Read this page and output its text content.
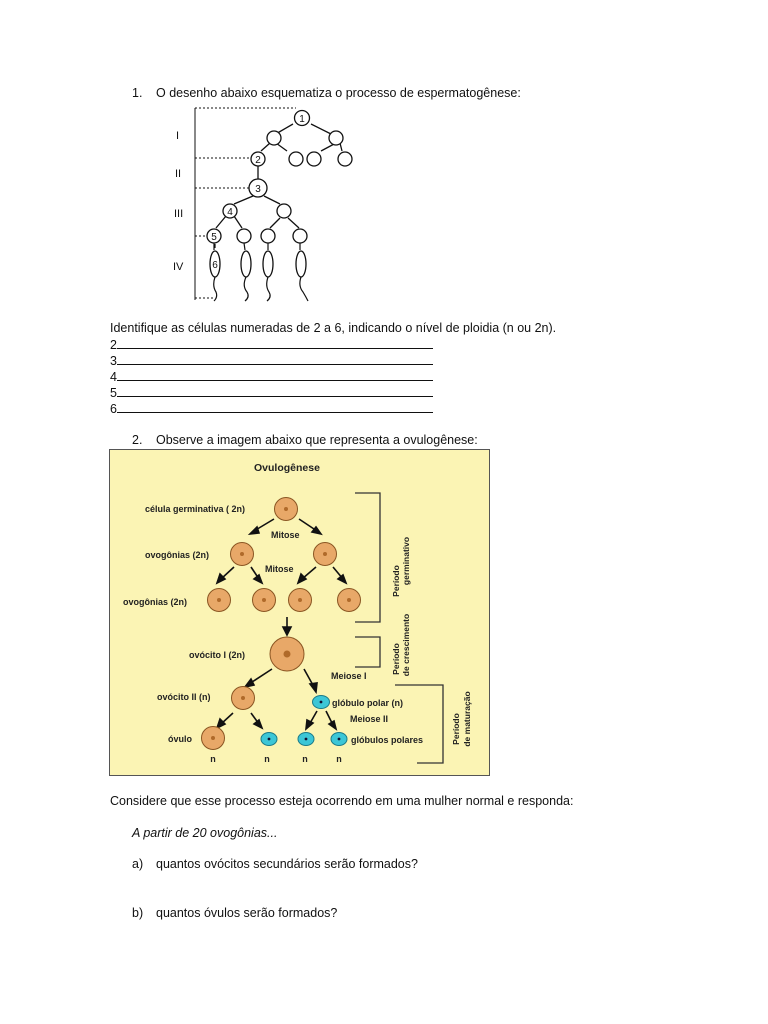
1. O desenho abaixo esquematiza o processo de espermatogênese:
I
II
III
IV
1
2
3
4
5
6
Identifique as células numeradas de 2 a 6, indicando o nível de ploidia (n ou 2n).
2
3
4
5
6
2. Observe a imagem abaixo que representa a ovulogênese:
Ovulogênese
célula germinativa ( 2n)
Mitose
ovogônias (2n)
Mitose
ovogônias (2n)
ovócito I (2n)
Meiose I
ovócito II (n)
glóbulo polar (n)
Meiose II
óvulo	glóbulos polares
n	n	n	n
Período germinativo
Período de crescimento
Período de maturação
Considere que esse processo esteja ocorrendo em uma mulher normal e responda:
A partir de 20 ovogônias...
a) quantos ovócitos secundários serão formados?
b) quantos óvulos serão formados?
